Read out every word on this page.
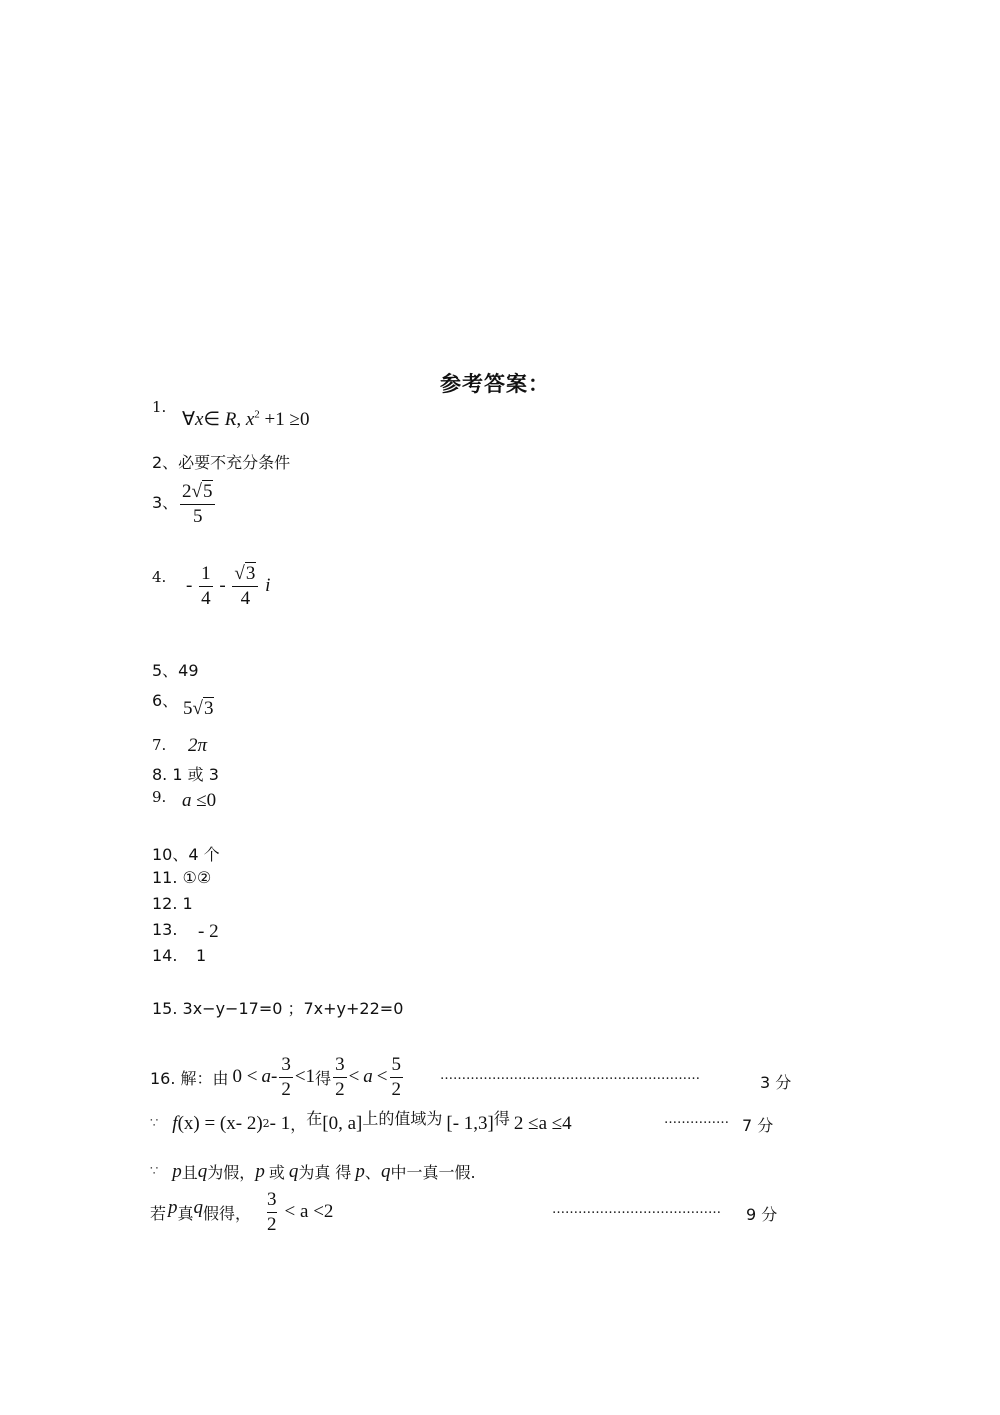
参考答案：
1.
∀x∈ R, $x^2 +1 \ge 0$
2、必要不充分条件
3、 $\frac{2√5}{5}$
4. - $\frac{1}{4} - \frac{√3}{4}$ i
5、49
6、 5√3
7. 2π
8. 1 或 3
9. a ≤0
10、4 个
11. ①②
12. 1
13. - 2
14. 1
15. 3x−y−17=0 ；7x+y+22=0
16. 解：由 $0 < a - \frac{3}{2} <1$ 得 $\frac{3}{2} < a < \frac{5}{2}$	……………………………………………………	3 分
∵ f (x) = (x- 2) 2 - 1 ， 在 [0, a] 上的值域为 [- 1,3] 得 2 ≤a ≤4	…………… 7 分
∵ p 且 q 为假， p 或 q 为真 得 p 、 q 中一真一假.
若 p 真 q 假得， $\frac{3}{2} < a <2$	………………………………… 9 分
